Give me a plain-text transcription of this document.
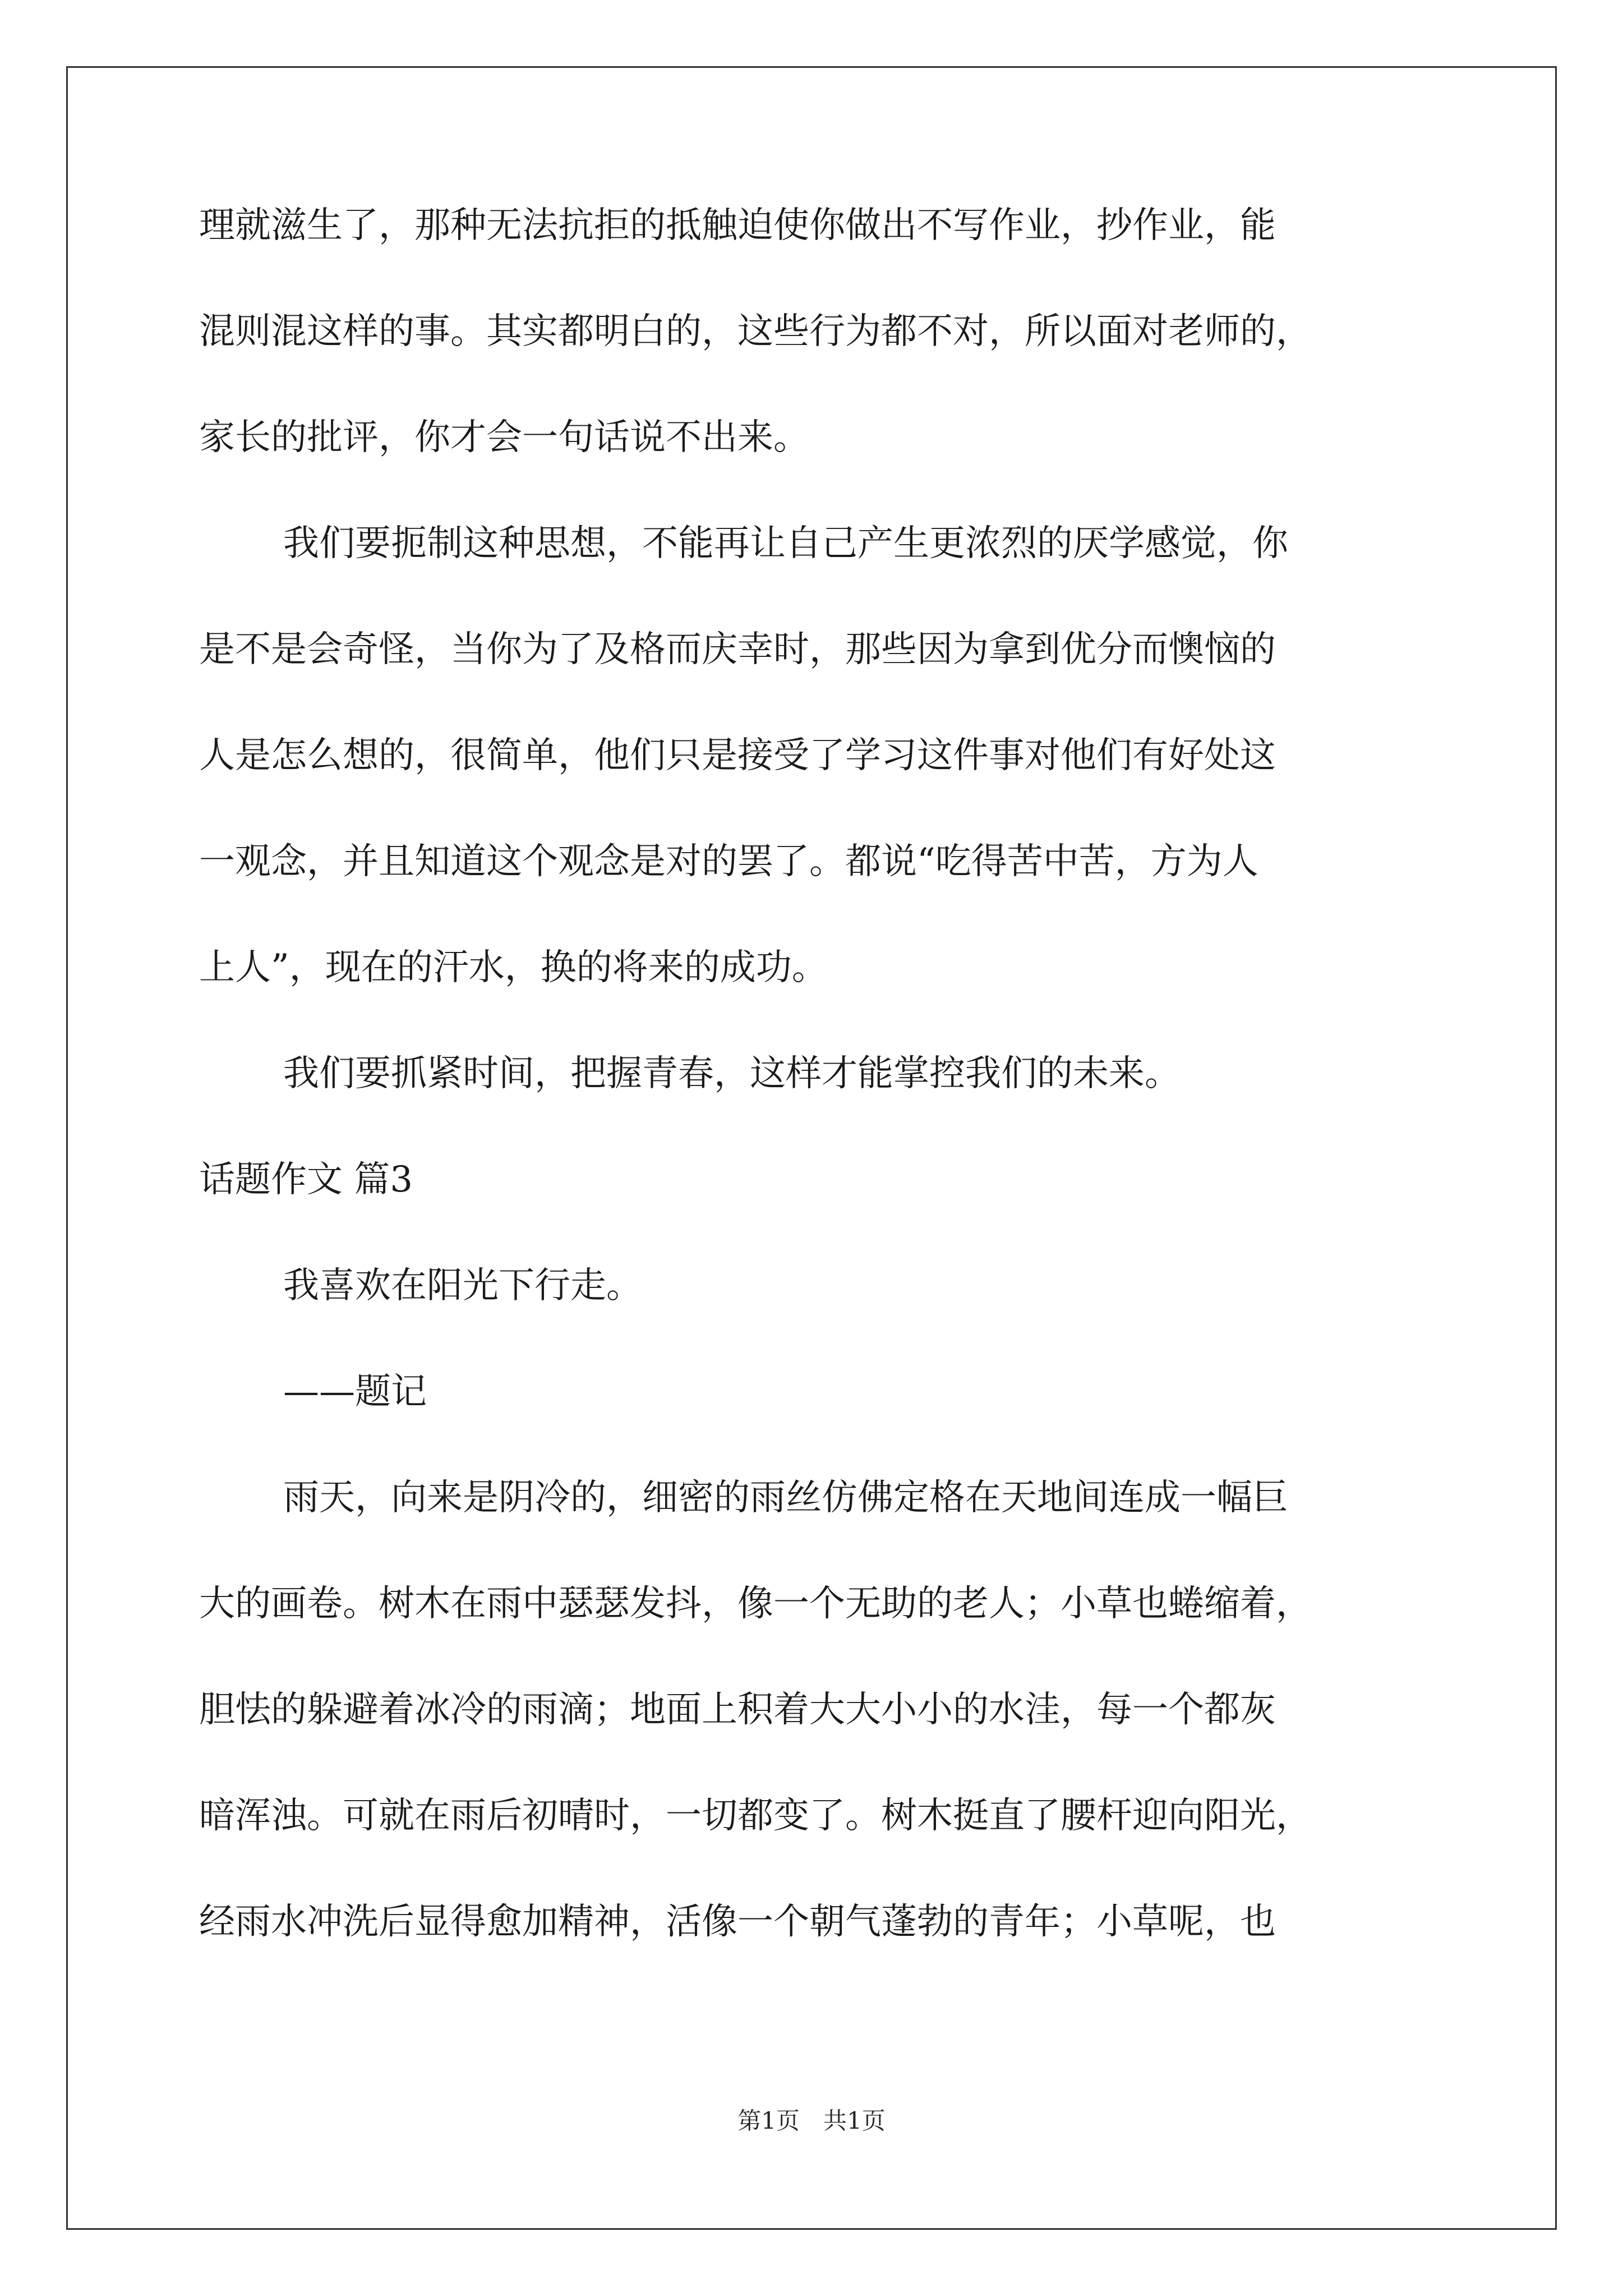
理就滋生了，那种无法抗拒的抵触迫使你做出不写作业，抄作业，能
混则混这样的事。其实都明白的，这些行为都不对，所以面对老师的，
家长的批评，你才会一句话说不出来。
我们要扼制这种思想，不能再让自己产生更浓烈的厌学感觉，你
是不是会奇怪，当你为了及格而庆幸时，那些因为拿到优分而懊恼的
人是怎么想的，很简单，他们只是接受了学习这件事对他们有好处这
一观念，并且知道这个观念是对的罢了。都说“吃得苦中苦，方为人
上人”，现在的汗水，换的将来的成功。
我们要抓紧时间，把握青春，这样才能掌控我们的未来。
话题作文 篇3
我喜欢在阳光下行走。
——题记
雨天，向来是阴冷的，细密的雨丝仿佛定格在天地间连成一幅巨
大的画卷。树木在雨中瑟瑟发抖，像一个无助的老人；小草也蜷缩着，
胆怯的躲避着冰冷的雨滴；地面上积着大大小小的水洼，每一个都灰
暗浑浊。可就在雨后初晴时，一切都变了。树木挺直了腰杆迎向阳光，
经雨水冲洗后显得愈加精神，活像一个朝气蓬勃的青年；小草呢，也
第1页　共1页
